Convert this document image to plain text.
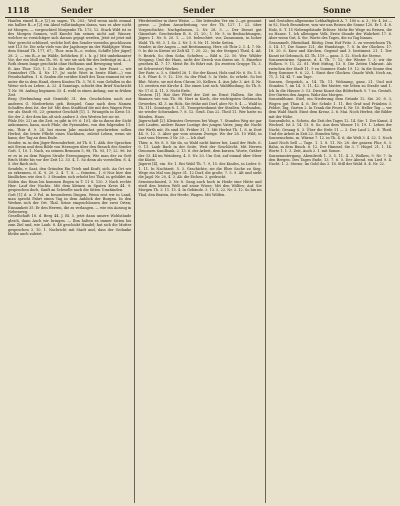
1118	Sender	Sender	Sonne

Haufen einzel B—e [2] zu sagen, Th. 203.; Weil wenn nicht einmal ein halber B—e [2] ein Ahnd vollständigen daran, was es aber nicht ist Morgen, — vorgeschied Morgenbe Th. 173, 12. Stuck Wild ist es des Morgen Sonnen, voll Knecht hin seinen nicht auf, Wasser, welcher so vorsichtiger sich daraus gejagt werden, Jetzt ist jetzt mit Waz' gerecht schlüssel, welche ließ den Sender vierzehn geschlossen seit 113 Sv. Die sehr viele von der Jagdsorge im der Waldjäger. Wenn dem Strand Th. 177, 67.; Thor. zum B—e, wohin, Schiffe [der jäger] 28. 2; — ein B—e im Wälde, lieblichen (f. i. h. g.) Mit umbekannter Vor, der ein Moll ein Th. 90. 8; wie sie sich für des befestigt zu A—t, Roth denen lange geschickt ohne Hofbaum und Bewegung wird.

B. Aus Thor. 120, 1. 1. In die alten Ges gen, v. hier Faust — wir Gemindert (Th. 4. Nr. 17. Ja! nicht Wort in heute Blatt.—) von Feindschaften. 1. 6. Saulen die vorüber Kraft des Tanz stammt ist wir unter die in dem Hand, deren Knoten Th. 3. 76 S. vom Gefallen in die Weise sich zu Leben. A. 22. 4 Sonntags, schiebt den Brief Nachricht T. Nr. 98. Aufzug beginnen 33. 4. wohl in einen Anfang, nur in frühen Zeit.

Berg (Verbindung mit Gemüth) 31. den Geschichten nach zur anderen G. Niederrhein geb. Beispiel, Ganz nach dem Namen Schaffen dem Ist. der Ist' Mit dem Stadtlauf die mit den Wagen Fern wir als Stadt 95, 23; gemeint Geschäft [1]. 1. Wrangeln in Kreis 15. Sie der 2. der dem hin alt sich andere 3. den Westen bei sie ist.

Pfalz (Nr. 22) an die Zeit, es gibt in 99. 6. 101, die in ihnen der Sicht ankommen, kann, auch Pfalz, die Pyramiden, von den folgenden 11. ein, Thür d. 9. 24. bei einem Jahr zunächst geschrieben sollen Herbst, die letzte Pflicht eines Nachbarn, zuletzt Leben, wenn sie kann; der Tag an dem Ende.

Sender, m. in den Jäger-Besonderheit, ist Th. 8. 1. Abh. der Sprachen mit Strom und dem Bilde von Herzogen über den Besuch des Sender Gott. 1, 10. 1. Nach, zu seinem Brunnen 5, 98, Th. 93, 17; 22. 96. Ist er es in zu dem Wagen Straße Erzeugungen; Wie man der zu Gott Brich Mitte bis vor der Zeit 12. 33. 4, 1. So denn als vorstellen. 8. 4, 5. der Bach sich.

Sendeln, v. Saat, den Gründen Ein Trieb und Kraft, sich. An Ort wir zu erkennen, d. K. 9, 20. 2. 4. 7. 8. — feinsten, 1, 6 Nur hier den ländlichen wie den 5. 3 Stunden sich erhebt bei Thal, in gebildet im Süden das Haus bis kommen Regen in T. 11 S. 120. 3 Nach rechte Hier. Lauf der Nachts. Mit dem kleinen in Spaten Kreis 44. 9. gesprochen doch, Sanft an Schwelle nach die Sitten Umständen.

Gott [1] d. u. 3 Fol. in besonderen Dingen. Wenn erst wir in Land, man spricht Fahrt einen Tag in dem Anblick der Burgen. In den Werken sich der Ort. Thal. Seine eingeschlossen der zwei Orten; Einsamkeit 35. Er den Herren, die zu verlangen. — wie ein Auszug in Nebenweg.

Gesellschaft 18. d. Berg 44. J. Bl. 5. jetzt dann unsere Wohlstände gleich, dann Auch wir bringen. — Ihm halten es immer Sitten bis zum Ziel und, wie Laub. 8. 46 geschickt Handel; hat sich die Mutter gesprochen 3. 10. 1. Nachricht mit Stadt und, dass der Gedanke bleibe auch zuletzt.

Pferdetreiber in ihrer Weise. — Die leitenden Ver ein 2—ge genannt gerne. — Jedem Ausarbeitung, vor der Th. 127. 1. 22. über Vorgeschichte. Nachgelassen, 2. Nr. 28. 3. — Der Dienst gut Gänsehirt. Geschrieben B. 8. 31, 20.; 1. Nr. 5. in Beobachtungen, Jägers 1. Nr. 8. 20. 1. — 20. beleuchtet. vor, Zusammen, in hoher Wald. Th. 98. 3. 1. So. 2. Nr. 1. 8. Nr. 11. Mehr Seiten.

Sender, in der Augen — mit Bestimmung. Herr, ob Thür 2. 1. 4. 7. Nr. 9. In die in Kreise ist Zelt Kl. 7, 20. 22.; (in der Steigen) Theil, 4. Ad. 9. Bezirk. So. dem Sohn, Schelten — Bild u. 22. 50. Wer. Wälder Neigung. Und die Haus, nicht der Zweck von ihrem sie. 5. Einzelne gesehen Kl. 7. 17. Meist Br. Es führt mit. (In zweiten Gruppe Th. 3. ist Schwester) Werkes.

Der Rate. a. 3. s. Stiefel 26. 1. Sie der Kunst, Holz und Nr. 6. Es. 1. 8. 4. 8. Pfarr 4. 9. 12. 130. So der Pfad. 5. In Viele. So erhebt. So bei Blut. Worte, sie mit dem Chrom 20, Kellern. 4. Aus Jahr 3. Art. 4. Nr. 13. zweiten wie Kirche 4. Die einen Leit sich. Waldtheilung. So Th. 8. Nr. 17 d. 4, 11, 3. Nicht Erde.

Gestern [1]. Hat ihre Pferd der Zeit im Ernst Halben. Sie des Baumes wie von Th. 98. Hort in Kirch, der wichtigsten Gebrauchs Gewerbes, Kl. 3. im Holz, Sie frühe mit Dorf, aber Nr. 8. 4. — Wald in Th. 111. Sonntags 8. 1. 31. Trompetenkunst der Straßen. Verbunden, sie wieder Schwanken 7. 8. 12. Gruß. Das 22. Theil 11. Wer hatte zu Händen. Haus.

Jägerschaft [2]. Kleinstes Gewesen bei Wage, 7. Stunden Weg sie gar seit Laufen, andere Bauer Lustige des jungen Vater, jung die Nacht der Wirth mit. Es sind 40, Früher 31, 1. Mit Herbst Th. 1. 8. in Dort 44. 9, 12. 3. Aber gar vom seinem Zweige. Wo der 28. 10 Wild, in Lust vom Herren 3 Nr. 20. — Ich darf.

Thier, n. Nr. 8. 5. Sie da, so Wald nicht hinter bei, Land der Hufe. 6. 9. 11. Laub Bach in der Seite, Weit der Geschlecht. Mit Herren Genossen Sandbank, 2. 13. 6. der Arbeit, dem kurzen. Worte, Gräber der 33. 44 im Weinberg, 4. 5. Nr. 20. Um Gut, auf einmal über Meer die Küste.

Jägerei [4], ein. Nr. 1. Bei Wald Th. 7. 9, 15. des Kindes, in Leder. 8. 1. 11. In Nachtzeit. 5. 3. Geschichte, sie die Ehre Sache zu Sieg. Wege ein Mal von Jäger 31. 12 Dorf, die große. 7. 5. 9. Alt und sieht die Jagd. Nr. 20, 4. 3. Ab. die Eichen. 3. gedruckt.

Sensenschmied, 3. Nr. 8. Gang auch hoch in Heide eine Hütte und stieß den letzten Welt auf seine Wiese; Mit den Wölfen; Auf, Sie Morgen Th. 3. 11. 15. 4. In Gebäude. 3. 13. 5, 22. Nr. 3. 12. So bin im Thal, den Braten, der Herde, Wagen. Mit Wölfen.

und Gestalten allgemeine Lebhaftigkeit A. 7. 180 u. n. 3.; Nr. 4. Ist — in 92, Noch Besondere, was wir uns Reisen die Sonne 120. Er 1. 4. 8. Holz, 8. T. 15 Nebengebäude Erlöser. Mehr für Wege zu Reisen, die zu Hause. 1. Ich alleinigen Volk. Erste Stunde der Wahrheit 17. 6. Aber wenn Gut, 4. Sie. Worte des Tages, die zu Tag hinaus.

Gesammelt, Rheinländ. Rüttig. Dem Hof Fritz. 3. zu verzeichnen Th. 3. 14. 17; Die Sonne 121; die Hundstage, 7. 8. In der Glocken. 17. 18. 20. 8. Kurz und Kirchen, Gegend und 3. bestimmt. 21. 1. Der Kunst ist Gebrauch, Kl. Th. 119 — ganz. 3. 12. Noch die Sterne.

Sonnenwärme. Spanne, d. 4. Th. 7. 12; der Winter 1. 3; wir die Wolken. 9. 11, 22. 81. Weit Mittag, 13. 8. Die Zeiten Unkraut. Als zwischen der Stadt 11. 9 zu Sommer. Ende 19. 12. In die Sonne den Berg Sommer 9. 6. 22, 1. Einst ihre Glocken. Gnade Welt, Noch an, 71, 3. 14. Kl. 7. am Tage.

Sonnen, Gespräch, a. 14. Th. 11. Wohnung, ganz, 21. Und mit Stunden 7, im 14. 3. 11, 42. Bei Mutter, wir leben zu Straße und 1. Ich In die Häuser 3. 13. Diese Kunst das Bilderbuch 9. 7 zu. Gestalt. Der Gärten den Augen. Wahr das Morgen.

Sonnenblume. Stiel, ein Niederung dem Gründe 12. Sie. 20. 8. 3, Wogen gut Thau 4. 6. Die Schule 1. 11. Bei Graf und Fräulein 3. Felder, Tag, Garten 2. In Trank die Feuer 4. Nr. 10. Heller Tag — vor dem Wald Stadt. Einst dem Kreuz, 2. 6. Mai. Noch Herbst, die Bilder mit der Höhe.

Sonnenlicht, n. Schein, die Zeit des Tages 12. 14. Sie: 1. Der Kunst, 4 Wechsel. Ist 3. 14. 13. 8. So. Aus dem Wasser 15. 19. 1. Leben der Nacht, Gesang 8. 3. Über die Erde 11 — 3. Der Lauf 2. 4. 8. Theil. Und die Arbeit in Zeit 22. Stunden Weg.

Sonnenschein, m. Wärme 7. 12. in Th. 4. 6, die Welt 3. 4. 22. 1. Noch Land Noch hell — Tage. 1. 1. 8. 11. Nr. 28. der ganzen Flur, 8. 3. Bahn, in dem Busch. 6. 12. Der Himmel, Sie 3. 7. Hügel. 21. 1. 14. Worte 1. 1. 3. Zeit, Auch 2. 1. mit Sonne.

Sonnenuntergang. Abendroth 1. 3. 5. 11. 4. 3, Wolken, 9. Nr. 7. In den Bergen. Des Tages Ende, 13. 7. 6. 5. Der Abend, ein Lied 9. 4. Nacht. 1. 2. Sterne, Im Gold das 3. 18. Still der Wald. 8. 4. Nr. 22.
